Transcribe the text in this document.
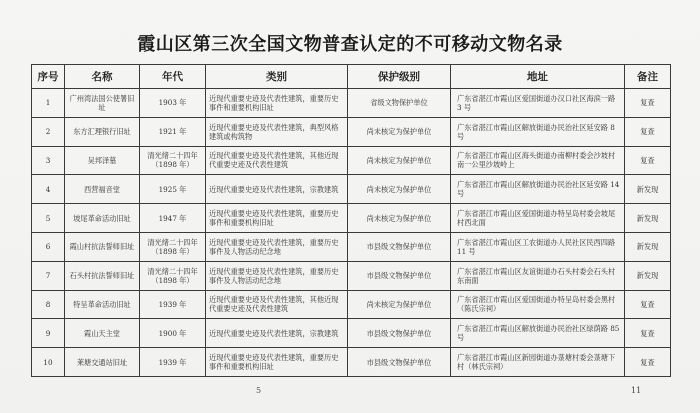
霞山区第三次全国文物普查认定的不可移动文物名录
序号	名称	年代	类别	保护级别	地址	备注
1	广州湾法国公使署旧址	1903 年	近现代重要史迹及代表性建筑，重要历史事件和重要机构旧址	省级文物保护单位	广东省湛江市霞山区爱国街道办汉口社区海滨一路 3 号	复查
2	东方汇理银行旧址	1921 年	近现代重要史迹及代表性建筑，典型风格建筑或构筑物	尚未核定为保护单位	广东省湛江市霞山区解放街道办民治社区延安路 8 号	复查
3	吴邦泽墓	清光绪二十四年（1898 年）	近现代重要史迹及代表性建筑，其他近现代重要史迹及代表性建筑	尚未核定为保护单位	广东省湛江市霞山区海头街道办南柳村委会沙坡村南一公里沙坡岭上	复查
4	西营福音堂	1925 年	近现代重要史迹及代表性建筑，宗教建筑	尚未核定为保护单位	广东省湛江市霞山区解放街道办民治社区延安路 14 号	新发现
5	坡尾革命活动旧址	1947 年	近现代重要史迹及代表性建筑，重要历史事件和重要机构旧址	尚未核定为保护单位	广东省湛江市霞山区爱国街道办特呈岛村委会坡尾村西北面	新发现
6	霞山村抗法誓师旧址	清光绪二十四年（1898 年）	近现代重要史迹及代表性建筑，重要历史事件及人物活动纪念地	市县级文物保护单位	广东省湛江市霞山区工农街道办人民社区民西四路 11 号	新发现
7	石头村抗法誓师旧址	清光绪二十四年（1898 年）	近现代重要史迹及代表性建筑，重要历史事件及人物活动纪念地	市县级文物保护单位	广东省湛江市霞山区友谊街道办石头村委会石头村东南面	新发现
8	特呈革命活动旧址	1939 年	近现代重要史迹及代表性建筑，其他近现代重要史迹及代表性建筑	尚未核定为保护单位	广东省湛江市霞山区爱国街道办特呈岛村委会黑村（陈氏宗祠）	复查
9	霞山天主堂	1900 年	近现代重要史迹及代表性建筑，宗教建筑	市县级文物保护单位	广东省湛江市霞山区解放街道办民治社区绿荫路 85 号	复查
10	莱塘交通站旧址	1939 年	近现代重要史迹及代表性建筑，重要历史事件和重要机构旧址	市县级文物保护单位	广东省湛江市霞山区新园街道办菉塘村委会菉塘下村（林氏宗祠）	复查
5	11
